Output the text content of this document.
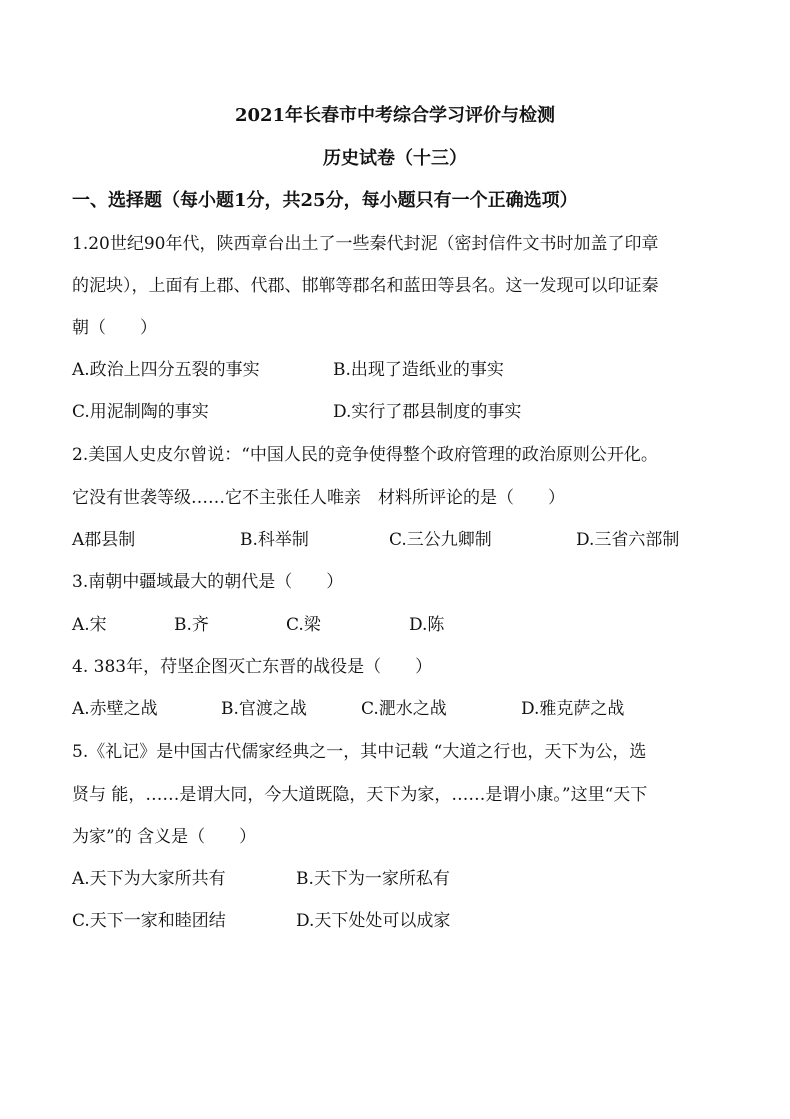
2021年长春市中考综合学习评价与检测
历史试卷（十三）
一、选择题（每小题1分，共25分，每小题只有一个正确选项）
1.20世纪90年代，陕西章台出土了一些秦代封泥（密封信件文书时加盖了印章
的泥块），上面有上郡、代郡、邯郸等郡名和蓝田等县名。这一发现可以印证秦
朝（　　）
A.政治上四分五裂的事实	B.出现了造纸业的事实
C.用泥制陶的事实	D.实行了郡县制度的事实
2.美国人史皮尔曾说：“中国人民的竞争使得整个政府管理的政治原则公开化。
它没有世袭等级……它不主张任人唯亲　材料所评论的是（　　）
A郡县制	B.科举制	C.三公九卿制	D.三省六部制
3.南朝中疆域最大的朝代是（　　）
A.宋	B.齐	C.梁	D.陈
4. 383年，苻坚企图灭亡东晋的战役是（　　）
A.赤壁之战	B.官渡之战	C.淝水之战	D.雅克萨之战
5.《礼记》是中国古代儒家经典之一，其中记载 “大道之行也，天下为公，选
贤与 能，……是谓大同，今大道既隐，天下为家，……是谓小康。”这里“天下
为家”的 含义是（　　）
A.天下为大家所共有	B.天下为一家所私有
C.天下一家和睦团结	D.天下处处可以成家
